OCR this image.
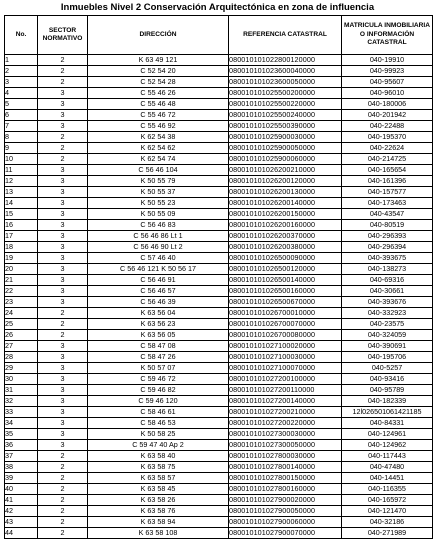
Inmuebles Nivel 2 Conservación Arquitectónica en zona de influencia
No.	SECTOR NORMATIVO	DIRECCIÓN	REFERENCIA CATASTRAL	MATRICULA INMOBILIARIA O INFORMACIÓN CATASTRAL
1	2	K 63 49 121	080010101022800120000	040-19910
2	2	C 52 54 20	080010101023600040000	040-99923
3	2	C 52 54 28	080010101023600050000	040-95607
4	3	C 55 46 26	080010101025500200000	040-96010
5	3	C 55 46 48	080010101025500220000	040-180006
6	3	C 55 46 72	080010101025500240000	040-201942
7	3	C 55 46 92	080010101025500390000	040-22488
8	2	K 62 54 38	080010101025900030000	040-195370
9	2	K 62 54 62	080010101025900050000	040-22624
10	2	K 62 54 74	080010101025900060000	040-214725
11	3	C 56 46 104	080010101026200210000	040-165654
12	3	K 50 55 79	080010101026200120000	040-161396
13	3	K 50 55 37	080010101026200130000	040-157577
14	3	K 50 55 23	080010101026200140000	040-173463
15	3	K 50 55 09	080010101026200150000	040-43547
16	3	C 56 46 83	080010101026200160000	040-80519
17	3	C 56 46 86 Lt 1	080010101026200370000	040-296393
18	3	C 56 46 90 Lt 2	080010101026200380000	040-296394
19	3	C 57 46 40	080010101026500090000	040-393675
20	3	C 56 46 121 K 50 56 17	080010101026500120000	040-138273
21	3	C 56 46 91	080010101026500140000	040-69316
22	3	C 56 46 57	080010101026500160000	040-30661
23	3	C 56 46 39	080010101026500670000	040-393676
24	2	K 63 56 04	080010101026700010000	040-332923
25	2	K 63 56 23	080010101026700070000	040-23575
26	2	K 63 56 05	080010101026700080000	040-324059
27	3	C 58 47 08	080010101027100020000	040-390691
28	3	C 58 47 26	080010101027100030000	040-195706
29	3	K 50 57 07	080010101027100070000	040-5257
30	3	C 59 46 72	080010101027200100000	040-93416
31	3	C 59 46 82	080010101027200110000	040-95789
32	3	C 59 46 120	080010101027200140000	040-182339
33	3	C 58 46 61	080010101027200210000	12l026501061421185
34	3	C 58 46 53	080010101027200220000	040-84331
35	3	K 50 58 25	080010101027300030000	040-124961
36	3	C 59 47 40 Ap 2	080010101027300050000	040-124962
37	2	K 63 58 40	080010101027800030000	040-117443
38	2	K 63 58 75	080010101027800140000	040-47480
39	2	K 63 58 57	080010101027800150000	040-14451
40	2	K 63 58 45	080010101027800160000	040-116355
41	2	K 63 58 26	080010101027900020000	040-165972
42	2	K 63 58 76	080010101027900050000	040-121470
43	2	K 63 58 94	080010101027900060000	040-32186
44	2	K 63 58 108	080010101027900070000	040-271989
